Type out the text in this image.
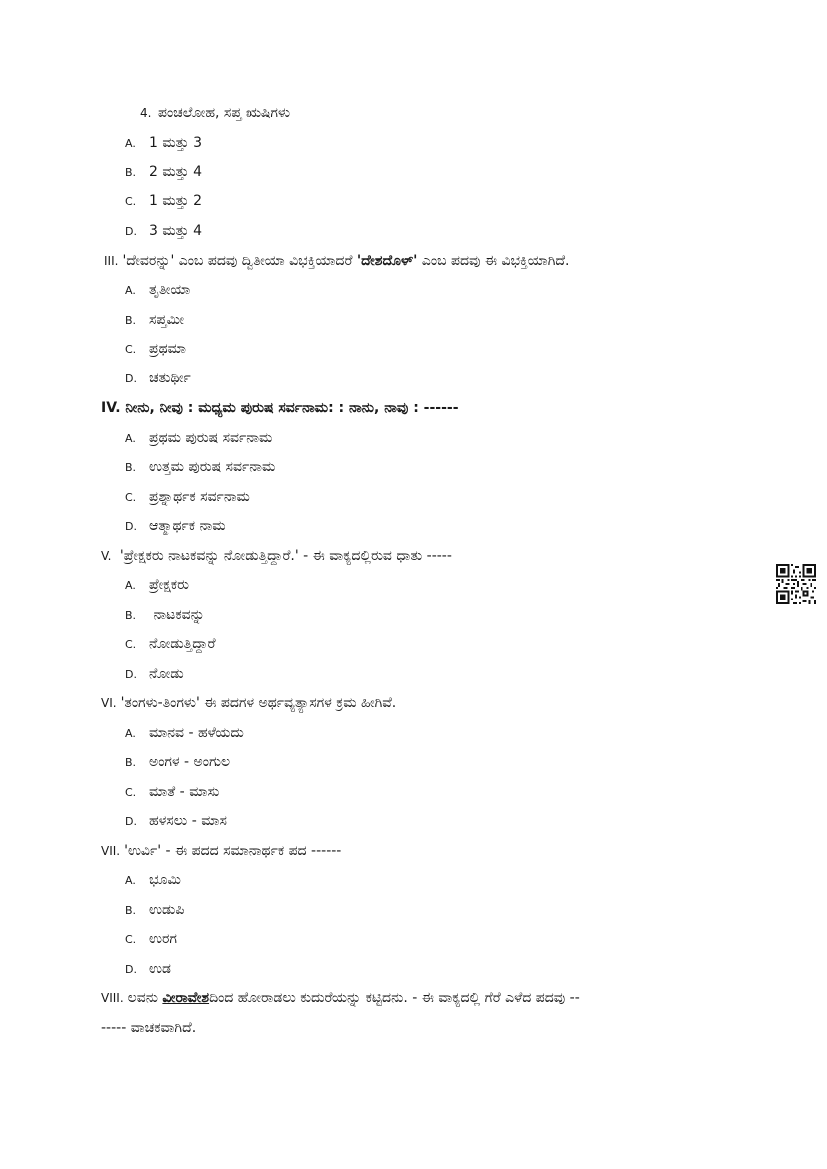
4. ಪಂಚಲೋಹ, ಸಪ್ತ ಋಷಿಗಳು
A. 1 ಮತ್ತು 3
B. 2 ಮತ್ತು 4
C. 1 ಮತ್ತು 2
D. 3 ಮತ್ತು 4
III. 'ದೇವರನ್ನು' ಎಂಬ ಪದವು ದ್ವಿತೀಯಾ ವಿಭಕ್ತಿಯಾದರೆ 'ದೇಶದೊಳ್' ಎಂಬ ಪದವು ಈ ವಿಭಕ್ತಿಯಾಗಿದೆ.
A. ತೃತೀಯಾ
B. ಸಪ್ತಮೀ
C. ಪ್ರಥಮಾ
D. ಚತುರ್ಥೀ
IV. ನೀನು, ನೀವು : ಮಧ್ಯಮ ಪುರುಷ ಸರ್ವನಾಮ: : ನಾನು, ನಾವು : ------
A. ಪ್ರಥಮ ಪುರುಷ ಸರ್ವನಾಮ
B. ಉತ್ತಮ ಪುರುಷ ಸರ್ವನಾಮ
C. ಪ್ರಶ್ನಾರ್ಥಕ ಸರ್ವನಾಮ
D. ಆತ್ಮಾರ್ಥಕ ನಾಮ
V. 'ಪ್ರೇಕ್ಷಕರು ನಾಟಕವನ್ನು ನೋಡುತ್ತಿದ್ದಾರೆ.' - ಈ ವಾಕ್ಯದಲ್ಲಿರುವ ಧಾತು -----
A. ಪ್ರೇಕ್ಷಕರು
B. ನಾಟಕವನ್ನು
C. ನೋಡುತ್ತಿದ್ದಾರೆ
D. ನೋಡು
VI. 'ತಂಗಳು-ತಿಂಗಳು' ಈ ಪದಗಳ ಅರ್ಥವ್ಯತ್ಯಾಸಗಳ ಕ್ರಮ ಹೀಗಿವೆ.
A. ಮಾನವ - ಹಳೆಯದು
B. ಅಂಗಳ - ಅಂಗುಲ
C. ಮಾತೆ - ಮಾಸು
D. ಹಳಸಲು - ಮಾಸ
VII. 'ಉರ್ವಿ' - ಈ ಪದದ ಸಮಾನಾರ್ಥಕ ಪದ ------
A. ಭೂಮಿ
B. ಉಡುಪಿ
C. ಉರಗ
D. ಉಡ
VIII. ಲವನು ವೀರಾವೇಶದಿಂದ ಹೋರಾಡಲು ಕುದುರೆಯನ್ನು ಕಟ್ಟಿದನು. - ಈ ವಾಕ್ಯದಲ್ಲಿ ಗೆರೆ ಎಳೆದ ಪದವು --
----- ವಾಚಕವಾಗಿದೆ.
